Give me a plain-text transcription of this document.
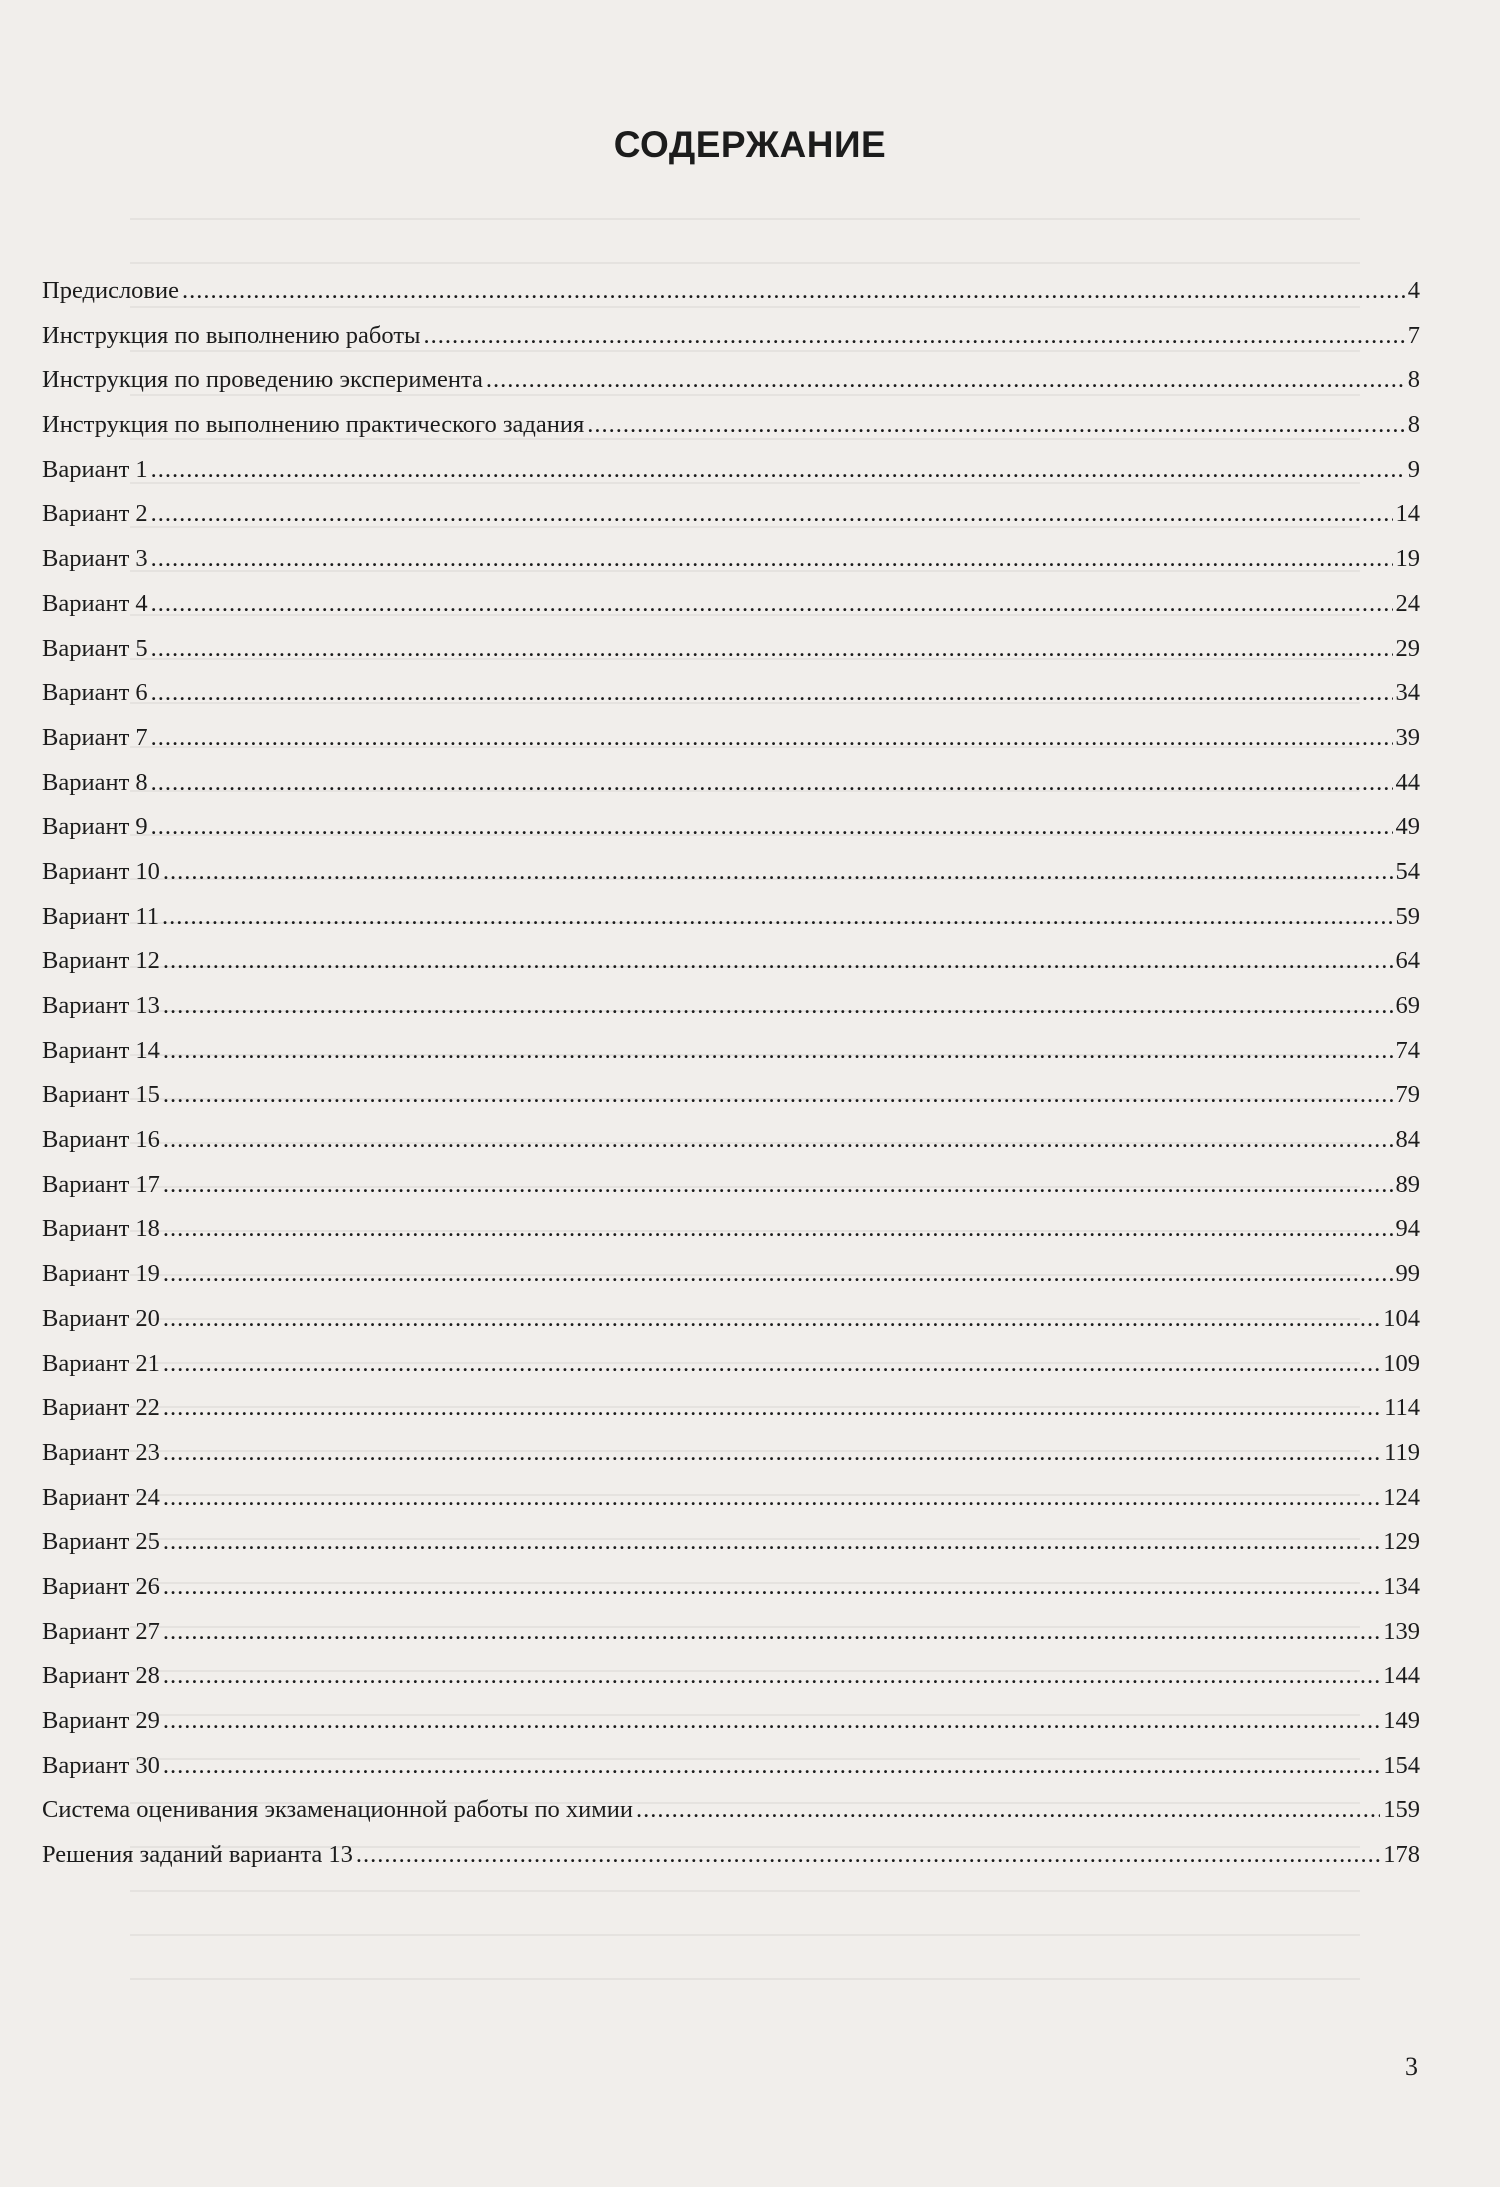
СОДЕРЖАНИЕ
Предисловие .....	4
Инструкция по выполнению работы .....	7
Инструкция по проведению эксперимента .....	8
Инструкция по выполнению практического задания .....	8
Вариант 1 .....	9
Вариант 2 .....	14
Вариант 3 .....	19
Вариант 4 .....	24
Вариант 5 .....	29
Вариант 6 .....	34
Вариант 7 .....	39
Вариант 8 .....	44
Вариант 9 .....	49
Вариант 10 .....	54
Вариант 11 .....	59
Вариант 12 .....	64
Вариант 13 .....	69
Вариант 14 .....	74
Вариант 15 .....	79
Вариант 16 .....	84
Вариант 17 .....	89
Вариант 18 .....	94
Вариант 19 .....	99
Вариант 20 .....	104
Вариант 21 .....	109
Вариант 22 .....	114
Вариант 23 .....	119
Вариант 24 .....	124
Вариант 25 .....	129
Вариант 26 .....	134
Вариант 27 .....	139
Вариант 28 .....	144
Вариант 29 .....	149
Вариант 30 .....	154
Система оценивания экзаменационной работы по химии .....	159
Решения заданий варианта 13 .....	178
3
